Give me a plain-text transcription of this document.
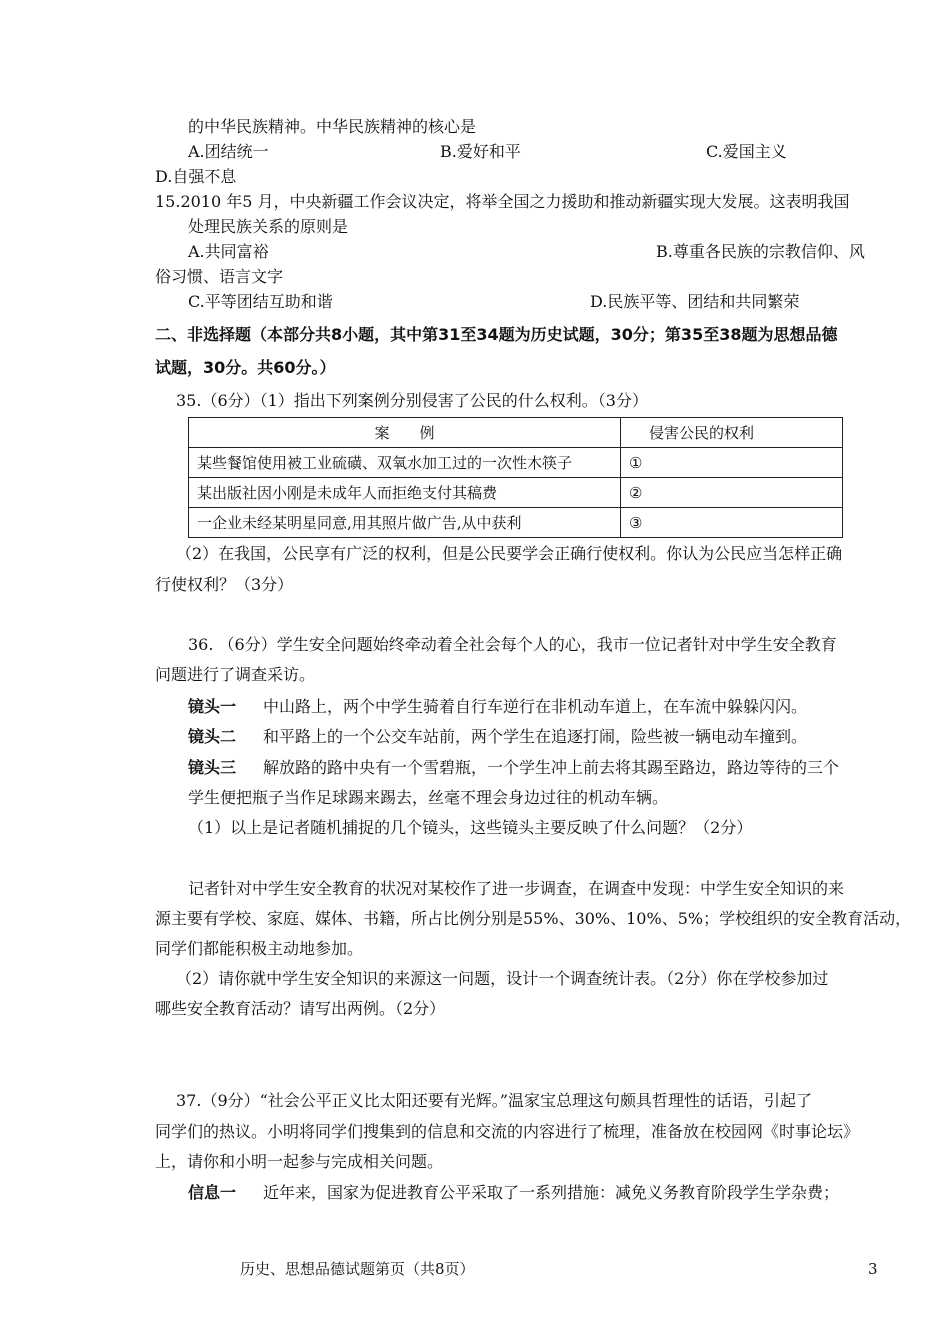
的中华民族精神。中华民族精神的核心是
A.团结统一	B.爱好和平	C.爱国主义
D.自强不息
15.2010 年5 月，中央新疆工作会议决定，将举全国之力援助和推动新疆实现大发展。这表明我国
处理民族关系的原则是
A.共同富裕	B.尊重各民族的宗教信仰、风
俗习惯、语言文字
C.平等团结互助和谐	D.民族平等、团结和共同繁荣
二、非选择题（本部分共8小题，其中第31至34题为历史试题，30分；第35至38题为思想品德
试题，30分。共60分。）
35.（6分）（1）指出下列案例分别侵害了公民的什么权利。（3分）
案　　例	侵害公民的权利
某些餐馆使用被工业硫磺、双氧水加工过的一次性木筷子	①
某出版社因小刚是未成年人而拒绝支付其稿费	②
一企业未经某明星同意,用其照片做广告,从中获利	③
（2）在我国，公民享有广泛的权利，但是公民要学会正确行使权利。你认为公民应当怎样正确
行使权利？（3分）
36. （6分）学生安全问题始终牵动着全社会每个人的心，我市一位记者针对中学生安全教育
问题进行了调查采访。
镜头一 中山路上，两个中学生骑着自行车逆行在非机动车道上，在车流中躲躲闪闪。
镜头二 和平路上的一个公交车站前，两个学生在追逐打闹，险些被一辆电动车撞到。
镜头三 解放路的路中央有一个雪碧瓶，一个学生冲上前去将其踢至路边，路边等待的三个
学生便把瓶子当作足球踢来踢去，丝毫不理会身边过往的机动车辆。
（1）以上是记者随机捕捉的几个镜头，这些镜头主要反映了什么问题？（2分）
记者针对中学生安全教育的状况对某校作了进一步调查，在调查中发现：中学生安全知识的来
源主要有学校、家庭、媒体、书籍，所占比例分别是55%、30%、10%、5%；学校组织的安全教育活动，
同学们都能积极主动地参加。
（2）请你就中学生安全知识的来源这一问题，设计一个调查统计表。（2分）你在学校参加过
哪些安全教育活动？请写出两例。（2分）
37.（9分）“社会公平正义比太阳还要有光辉。”温家宝总理这句颇具哲理性的话语，引起了
同学们的热议。小明将同学们搜集到的信息和交流的内容进行了梳理，准备放在校园网《时事论坛》
上，请你和小明一起参与完成相关问题。
信息一 近年来，国家为促进教育公平采取了一系列措施：减免义务教育阶段学生学杂费；
历史、思想品德试题第页（共8页）	3
